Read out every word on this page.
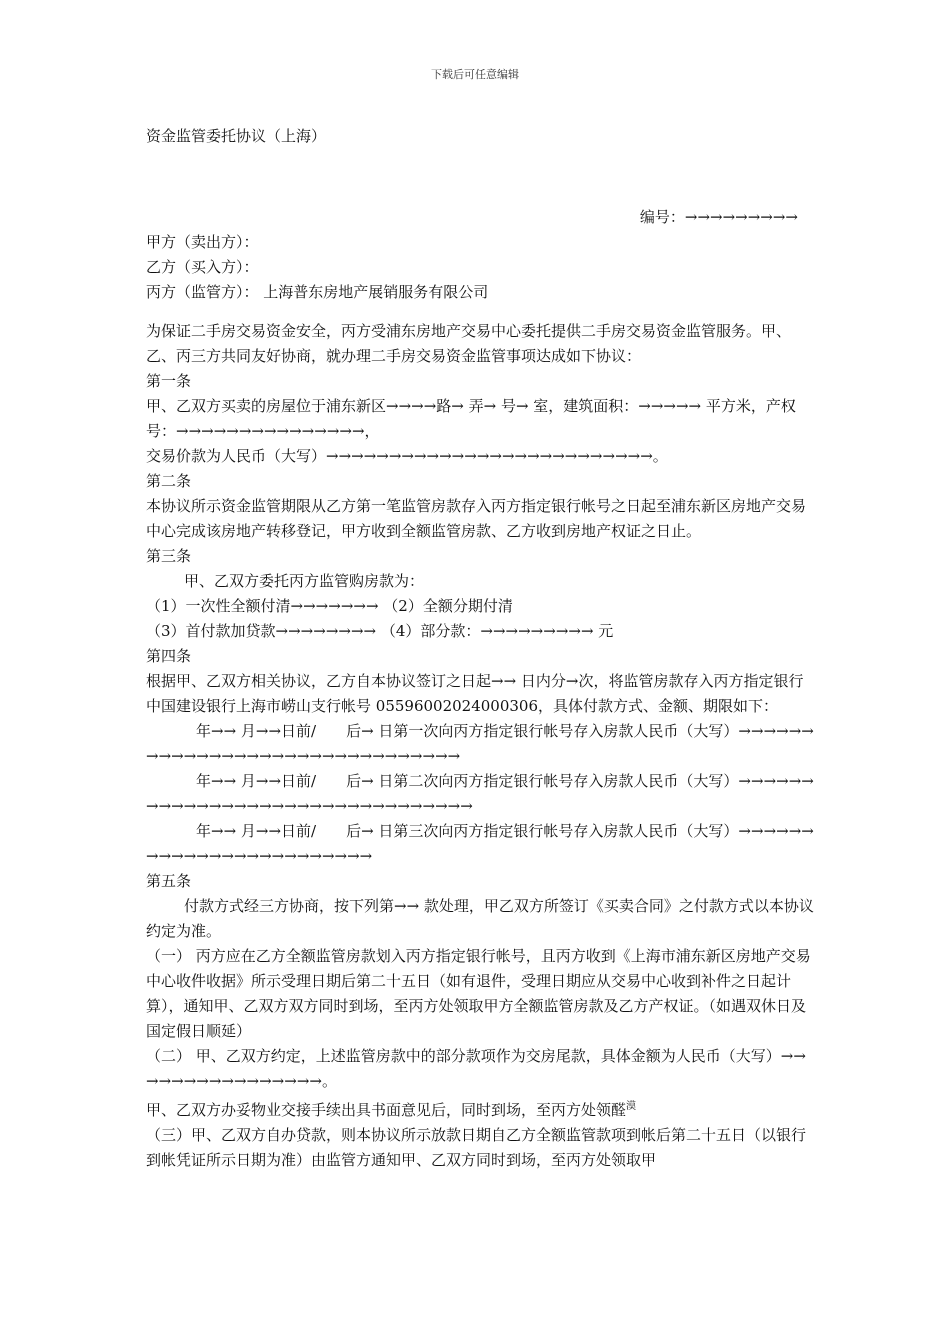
下载后可任意编辑

资金监管委托协议（上海）

编号：→→→→→→→→→

甲方（卖出方）：

乙方（买入方）：

丙方（监管方）： 上海普东房地产展销服务有限公司

为保证二手房交易资金安全，丙方受浦东房地产交易中心委托提供二手房交易资金监管服务。甲、乙、丙三方共同友好协商，就办理二手房交易资金监管事项达成如下协议：

第一条

甲、乙双方买卖的房屋位于浦东新区→→→→路→ 弄→ 号→ 室，建筑面积：→→→→→ 平方米，产权号：→→→→→→→→→→→→→→→，

交易价款为人民币（大写）→→→→→→→→→→→→→→→→→→→→→→→→→→。

第二条

本协议所示资金监管期限从乙方第一笔监管房款存入丙方指定银行帐号之日起至浦东新区房地产交易中心完成该房地产转移登记，甲方收到全额监管房款、乙方收到房地产权证之日止。

第三条

甲、乙双方委托丙方监管购房款为：

（1）一次性全额付清→→→→→→→ （2）全额分期付清

（3）首付款加贷款→→→→→→→→ （4）部分款：→→→→→→→→→ 元

第四条

根据甲、乙双方相关协议，乙方自本协议签订之日起→→ 日内分→次，将监管房款存入丙方指定银行中国建设银行上海市崂山支行帐号 05596002024000306，具体付款方式、金额、期限如下：

年→→ 月→→日前/　　后→ 日第一次向丙方指定银行帐号存入房款人民币（大写）→→→→→→→→→→→→→→→→→→→→→→→→→→→→→→→

年→→ 月→→日前/　　后→ 日第二次向丙方指定银行帐号存入房款人民币（大写）→→→→→→→→→→→→→→→→→→→→→→→→→→→→→→→→

年→→ 月→→日前/　　后→ 日第三次向丙方指定银行帐号存入房款人民币（大写）→→→→→→→→→→→→→→→→→→→→→→→→

第五条

付款方式经三方协商，按下列第→→ 款处理，甲乙双方所签订《买卖合同》之付款方式以本协议约定为准。

（一） 丙方应在乙方全额监管房款划入丙方指定银行帐号，且丙方收到《上海市浦东新区房地产交易中心收件收据》所示受理日期后第二十五日（如有退件，受理日期应从交易中心收到补件之日起计算），通知甲、乙双方双方同时到场，至丙方处领取甲方全额监管房款及乙方产权证。（如遇双休日及国定假日顺延）

（二） 甲、乙双方约定，上述监管房款中的部分款项作为交房尾款，具体金额为人民币（大写）→→→→→→→→→→→→→→→→。

甲、乙双方办妥物业交接手续出具书面意见后，同时到场，至丙方处领醛$^漠$

（三）甲、乙双方自办贷款，则本协议所示放款日期自乙方全额监管款项到帐后第二十五日（以银行到帐凭证所示日期为准）由监管方通知甲、乙双方同时到场，至丙方处领取甲
